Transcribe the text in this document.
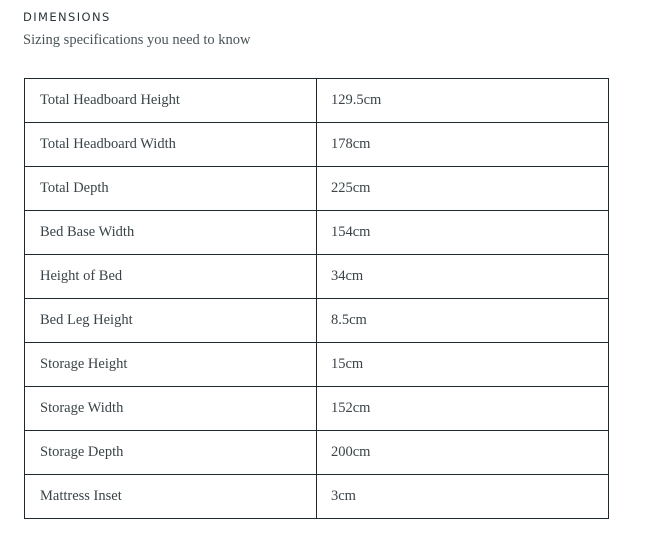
DIMENSIONS

Sizing specifications you need to know

Total Headboard Height	129.5cm
Total Headboard Width	178cm
Total Depth	225cm
Bed Base Width	154cm
Height of Bed	34cm
Bed Leg Height	8.5cm
Storage Height	15cm
Storage Width	152cm
Storage Depth	200cm
Mattress Inset	3cm
